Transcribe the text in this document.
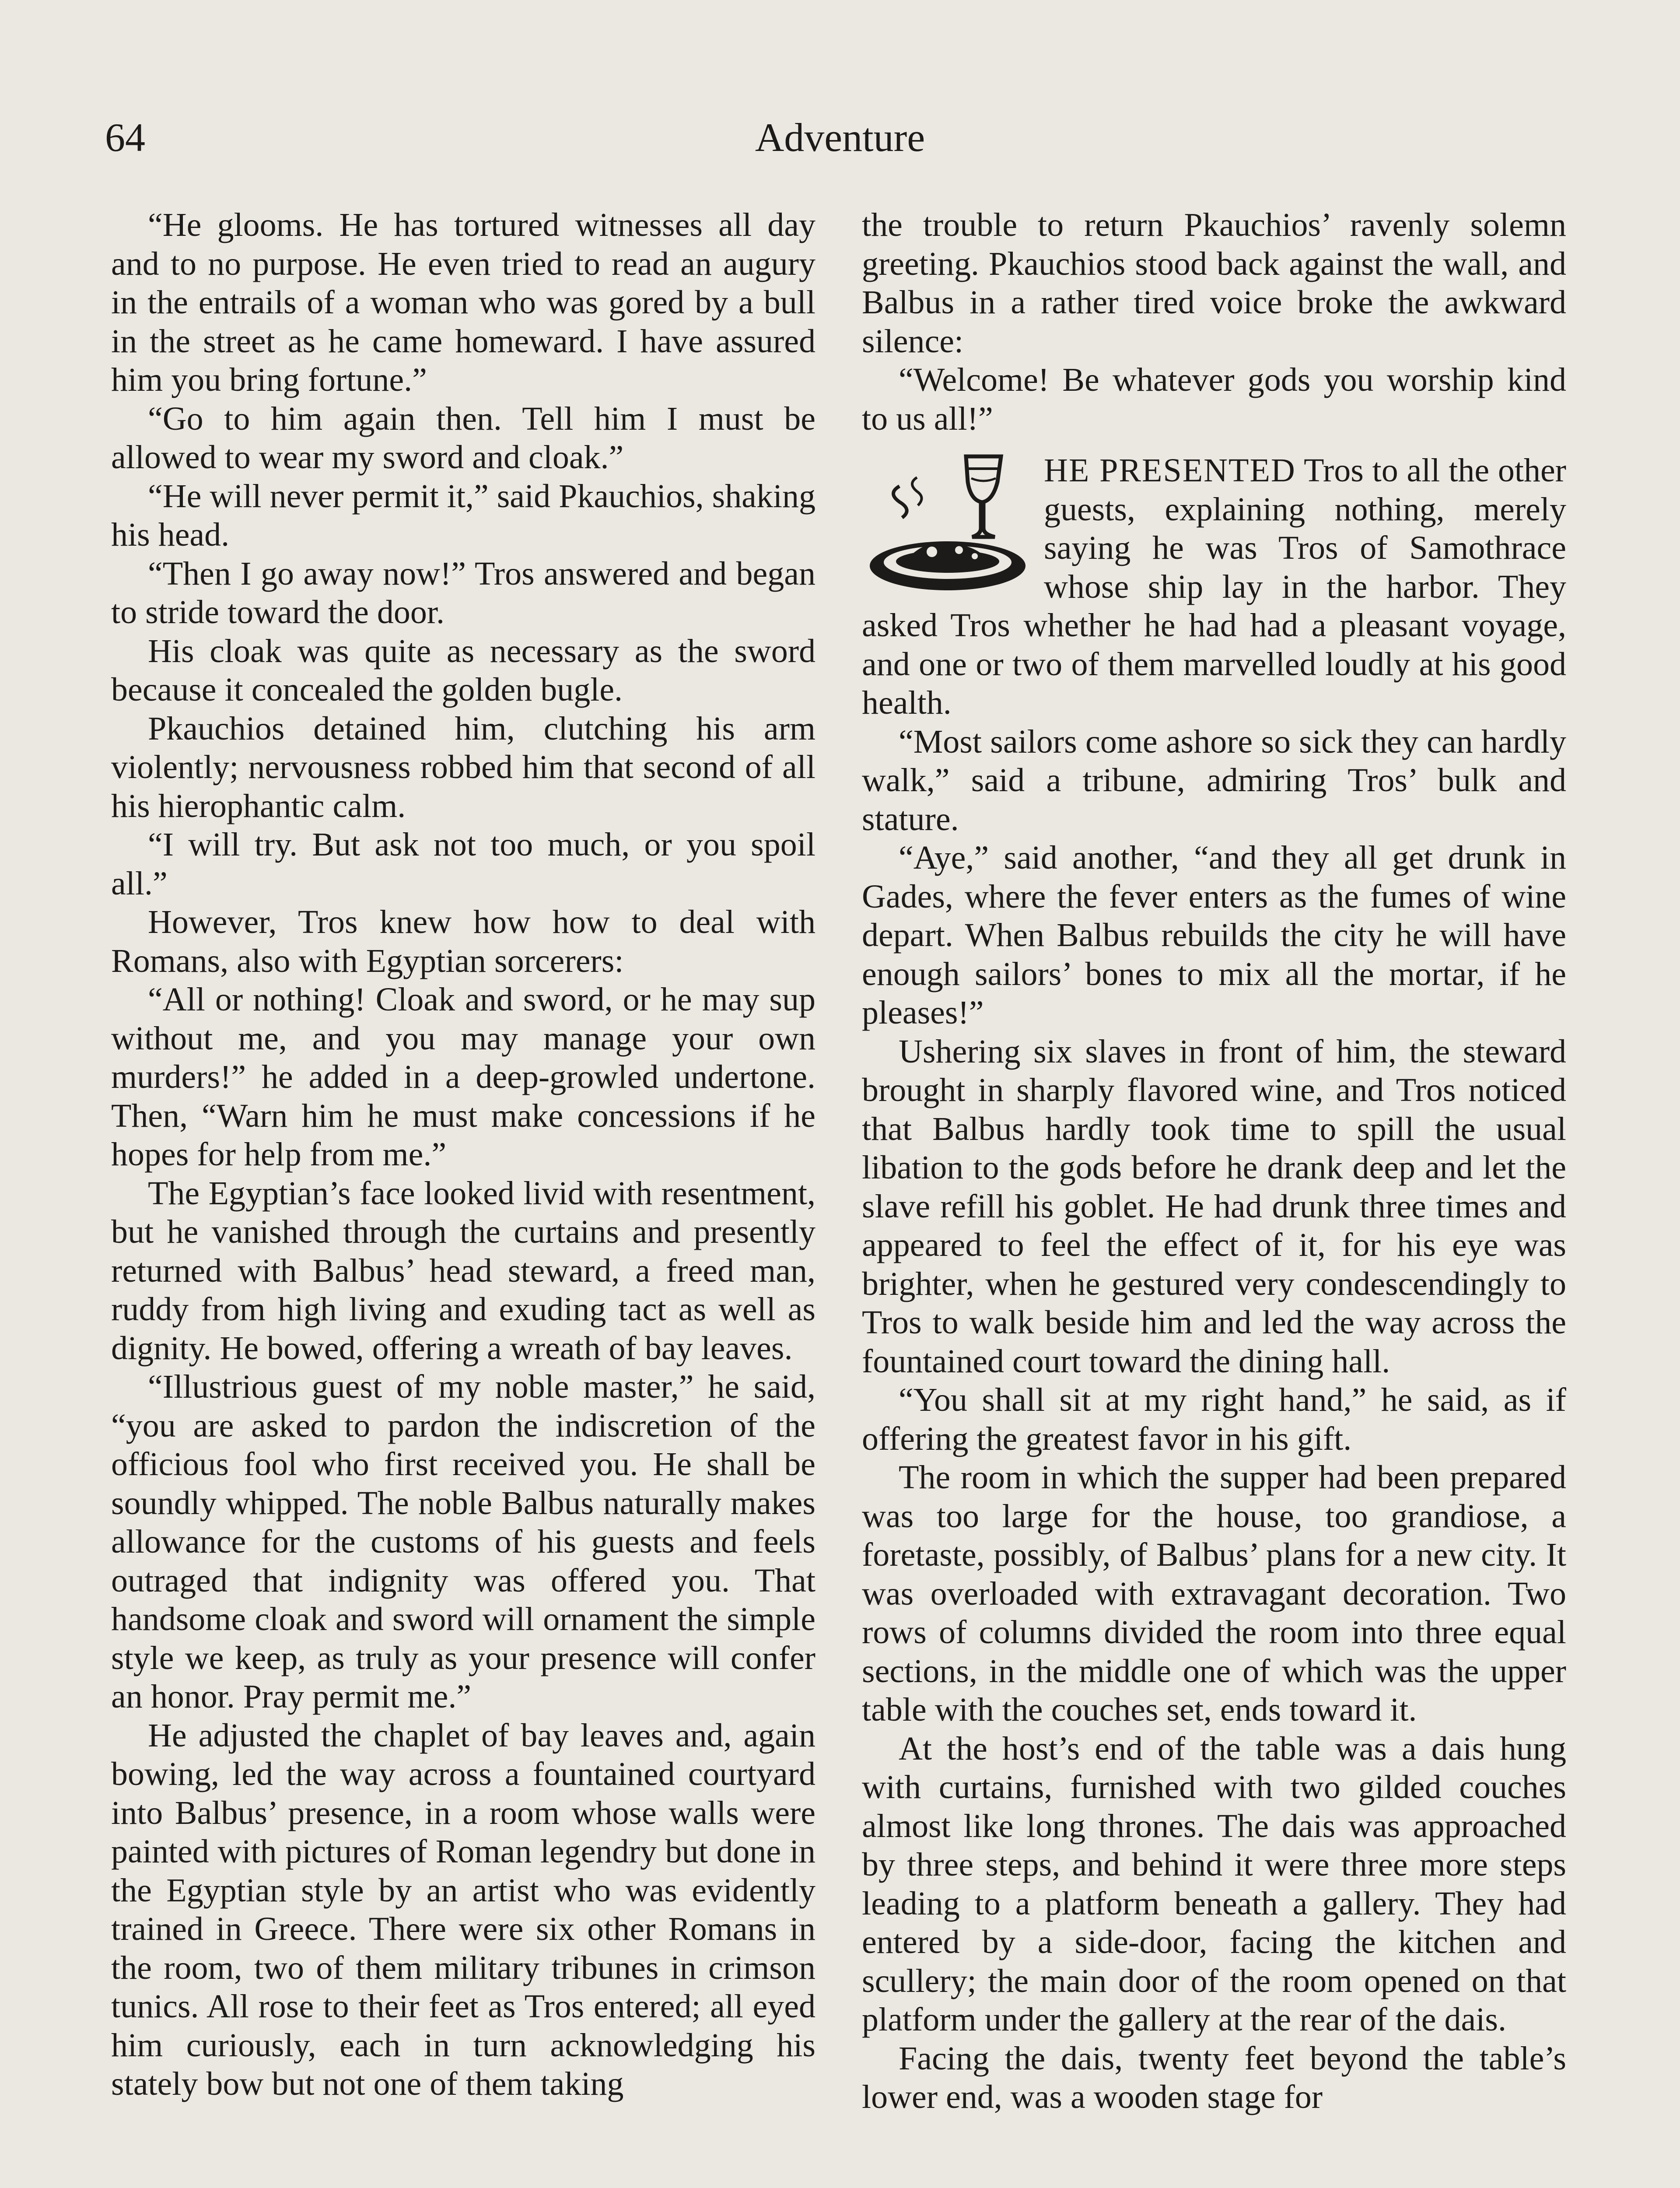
64	Adventure

“He glooms. He has tortured witnesses all day and to no purpose. He even tried to read an augury in the entrails of a woman who was gored by a bull in the street as he came homeward. I have assured him you bring fortune.”

“Go to him again then. Tell him I must be allowed to wear my sword and cloak.”

“He will never permit it,” said Pkauchios, shaking his head.

“Then I go away now!” Tros answered and began to stride toward the door.

His cloak was quite as necessary as the sword because it concealed the golden bugle.

Pkauchios detained him, clutching his arm violently; nervousness robbed him that second of all his hierophantic calm.

“I will try. But ask not too much, or you spoil all.”

However, Tros knew how how to deal with Romans, also with Egyptian sorcerers:

“All or nothing! Cloak and sword, or he may sup without me, and you may manage your own murders!” he added in a deep-growled undertone. Then, “Warn him he must make concessions if he hopes for help from me.”

The Egyptian’s face looked livid with resentment, but he vanished through the curtains and presently returned with Balbus’ head steward, a freed man, ruddy from high living and exuding tact as well as dignity. He bowed, offering a wreath of bay leaves.

“Illustrious guest of my noble master,” he said, “you are asked to pardon the indiscretion of the officious fool who first received you. He shall be soundly whipped. The noble Balbus naturally makes allowance for the customs of his guests and feels outraged that indignity was offered you. That handsome cloak and sword will ornament the simple style we keep, as truly as your presence will confer an honor. Pray permit me.”

He adjusted the chaplet of bay leaves and, again bowing, led the way across a fountained courtyard into Balbus’ presence, in a room whose walls were painted with pictures of Roman legendry but done in the Egyptian style by an artist who was evidently trained in Greece. There were six other Romans in the room, two of them military tribunes in crimson tunics. All rose to their feet as Tros entered; all eyed him curiously, each in turn acknowledging his stately bow but not one of them taking

the trouble to return Pkauchios’ ravenly solemn greeting. Pkauchios stood back against the wall, and Balbus in a rather tired voice broke the awkward silence:

“Welcome! Be whatever gods you worship kind to us all!”

HE PRESENTED Tros to all the other guests, explaining nothing, merely saying he was Tros of Samothrace whose ship lay in the harbor. They asked Tros whether he had had a pleasant voyage, and one or two of them marvelled loudly at his good health.

“Most sailors come ashore so sick they can hardly walk,” said a tribune, admiring Tros’ bulk and stature.

“Aye,” said another, “and they all get drunk in Gades, where the fever enters as the fumes of wine depart. When Balbus rebuilds the city he will have enough sailors’ bones to mix all the mortar, if he pleases!”

Ushering six slaves in front of him, the steward brought in sharply flavored wine, and Tros noticed that Balbus hardly took time to spill the usual libation to the gods before he drank deep and let the slave refill his goblet. He had drunk three times and appeared to feel the effect of it, for his eye was brighter, when he gestured very condescendingly to Tros to walk beside him and led the way across the fountained court toward the dining hall.

“You shall sit at my right hand,” he said, as if offering the greatest favor in his gift.

The room in which the supper had been prepared was too large for the house, too grandiose, a foretaste, possibly, of Balbus’ plans for a new city. It was overloaded with extravagant decoration. Two rows of columns divided the room into three equal sections, in the middle one of which was the upper table with the couches set, ends toward it.

At the host’s end of the table was a dais hung with curtains, furnished with two gilded couches almost like long thrones. The dais was approached by three steps, and behind it were three more steps leading to a platform beneath a gallery. They had entered by a side-door, facing the kitchen and scullery; the main door of the room opened on that platform under the gallery at the rear of the dais.

Facing the dais, twenty feet beyond the table’s lower end, was a wooden stage for
